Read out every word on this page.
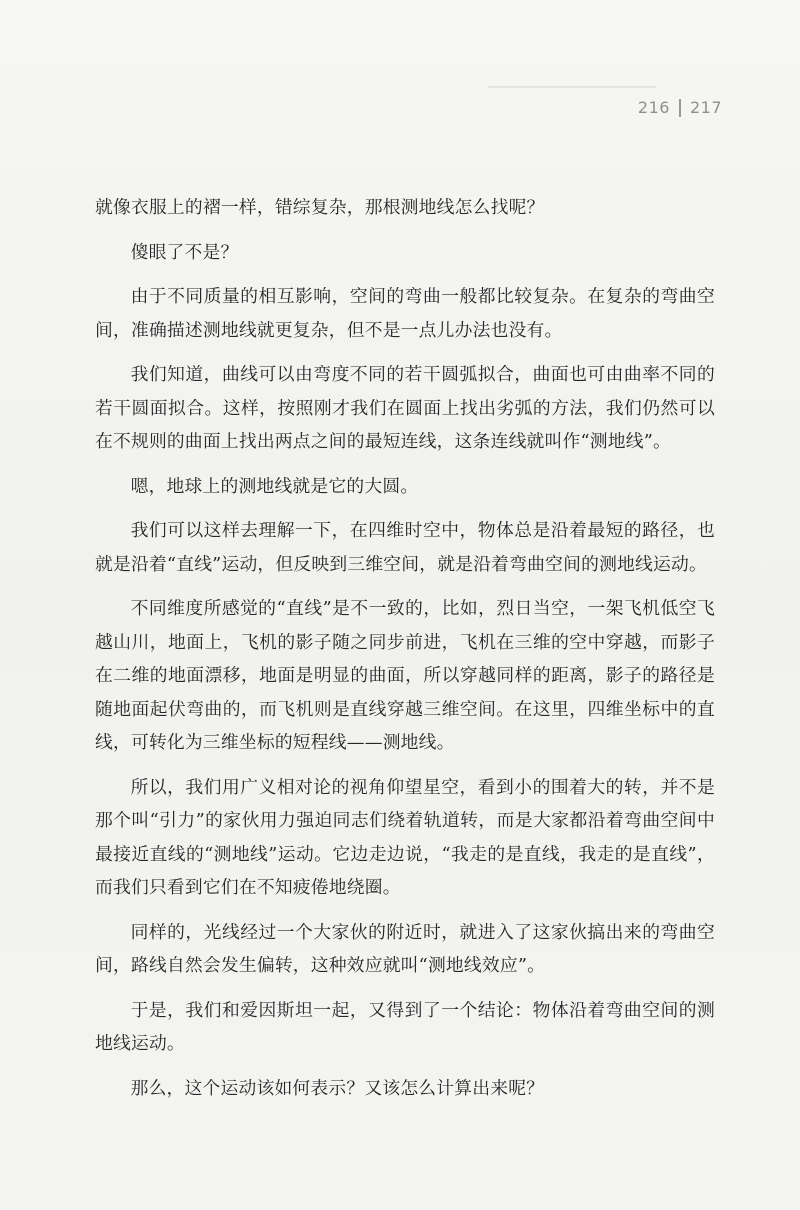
216 217

就像衣服上的褶一样，错综复杂，那根测地线怎么找呢？

傻眼了不是？

由于不同质量的相互影响，空间的弯曲一般都比较复杂。在复杂的弯曲空间，准确描述测地线就更复杂，但不是一点儿办法也没有。

我们知道，曲线可以由弯度不同的若干圆弧拟合，曲面也可由曲率不同的若干圆面拟合。这样，按照刚才我们在圆面上找出劣弧的方法，我们仍然可以在不规则的曲面上找出两点之间的最短连线，这条连线就叫作“测地线”。

嗯，地球上的测地线就是它的大圆。

我们可以这样去理解一下，在四维时空中，物体总是沿着最短的路径，也就是沿着“直线”运动，但反映到三维空间，就是沿着弯曲空间的测地线运动。

不同维度所感觉的“直线”是不一致的，比如，烈日当空，一架飞机低空飞越山川，地面上，飞机的影子随之同步前进，飞机在三维的空中穿越，而影子在二维的地面漂移，地面是明显的曲面，所以穿越同样的距离，影子的路径是随地面起伏弯曲的，而飞机则是直线穿越三维空间。在这里，四维坐标中的直线，可转化为三维坐标的短程线——测地线。

所以，我们用广义相对论的视角仰望星空，看到小的围着大的转，并不是那个叫“引力”的家伙用力强迫同志们绕着轨道转，而是大家都沿着弯曲空间中最接近直线的“测地线”运动。它边走边说，“我走的是直线，我走的是直线”，而我们只看到它们在不知疲倦地绕圈。

同样的，光线经过一个大家伙的附近时，就进入了这家伙搞出来的弯曲空间，路线自然会发生偏转，这种效应就叫“测地线效应”。

于是，我们和爱因斯坦一起，又得到了一个结论：物体沿着弯曲空间的测地线运动。

那么，这个运动该如何表示？又该怎么计算出来呢？
